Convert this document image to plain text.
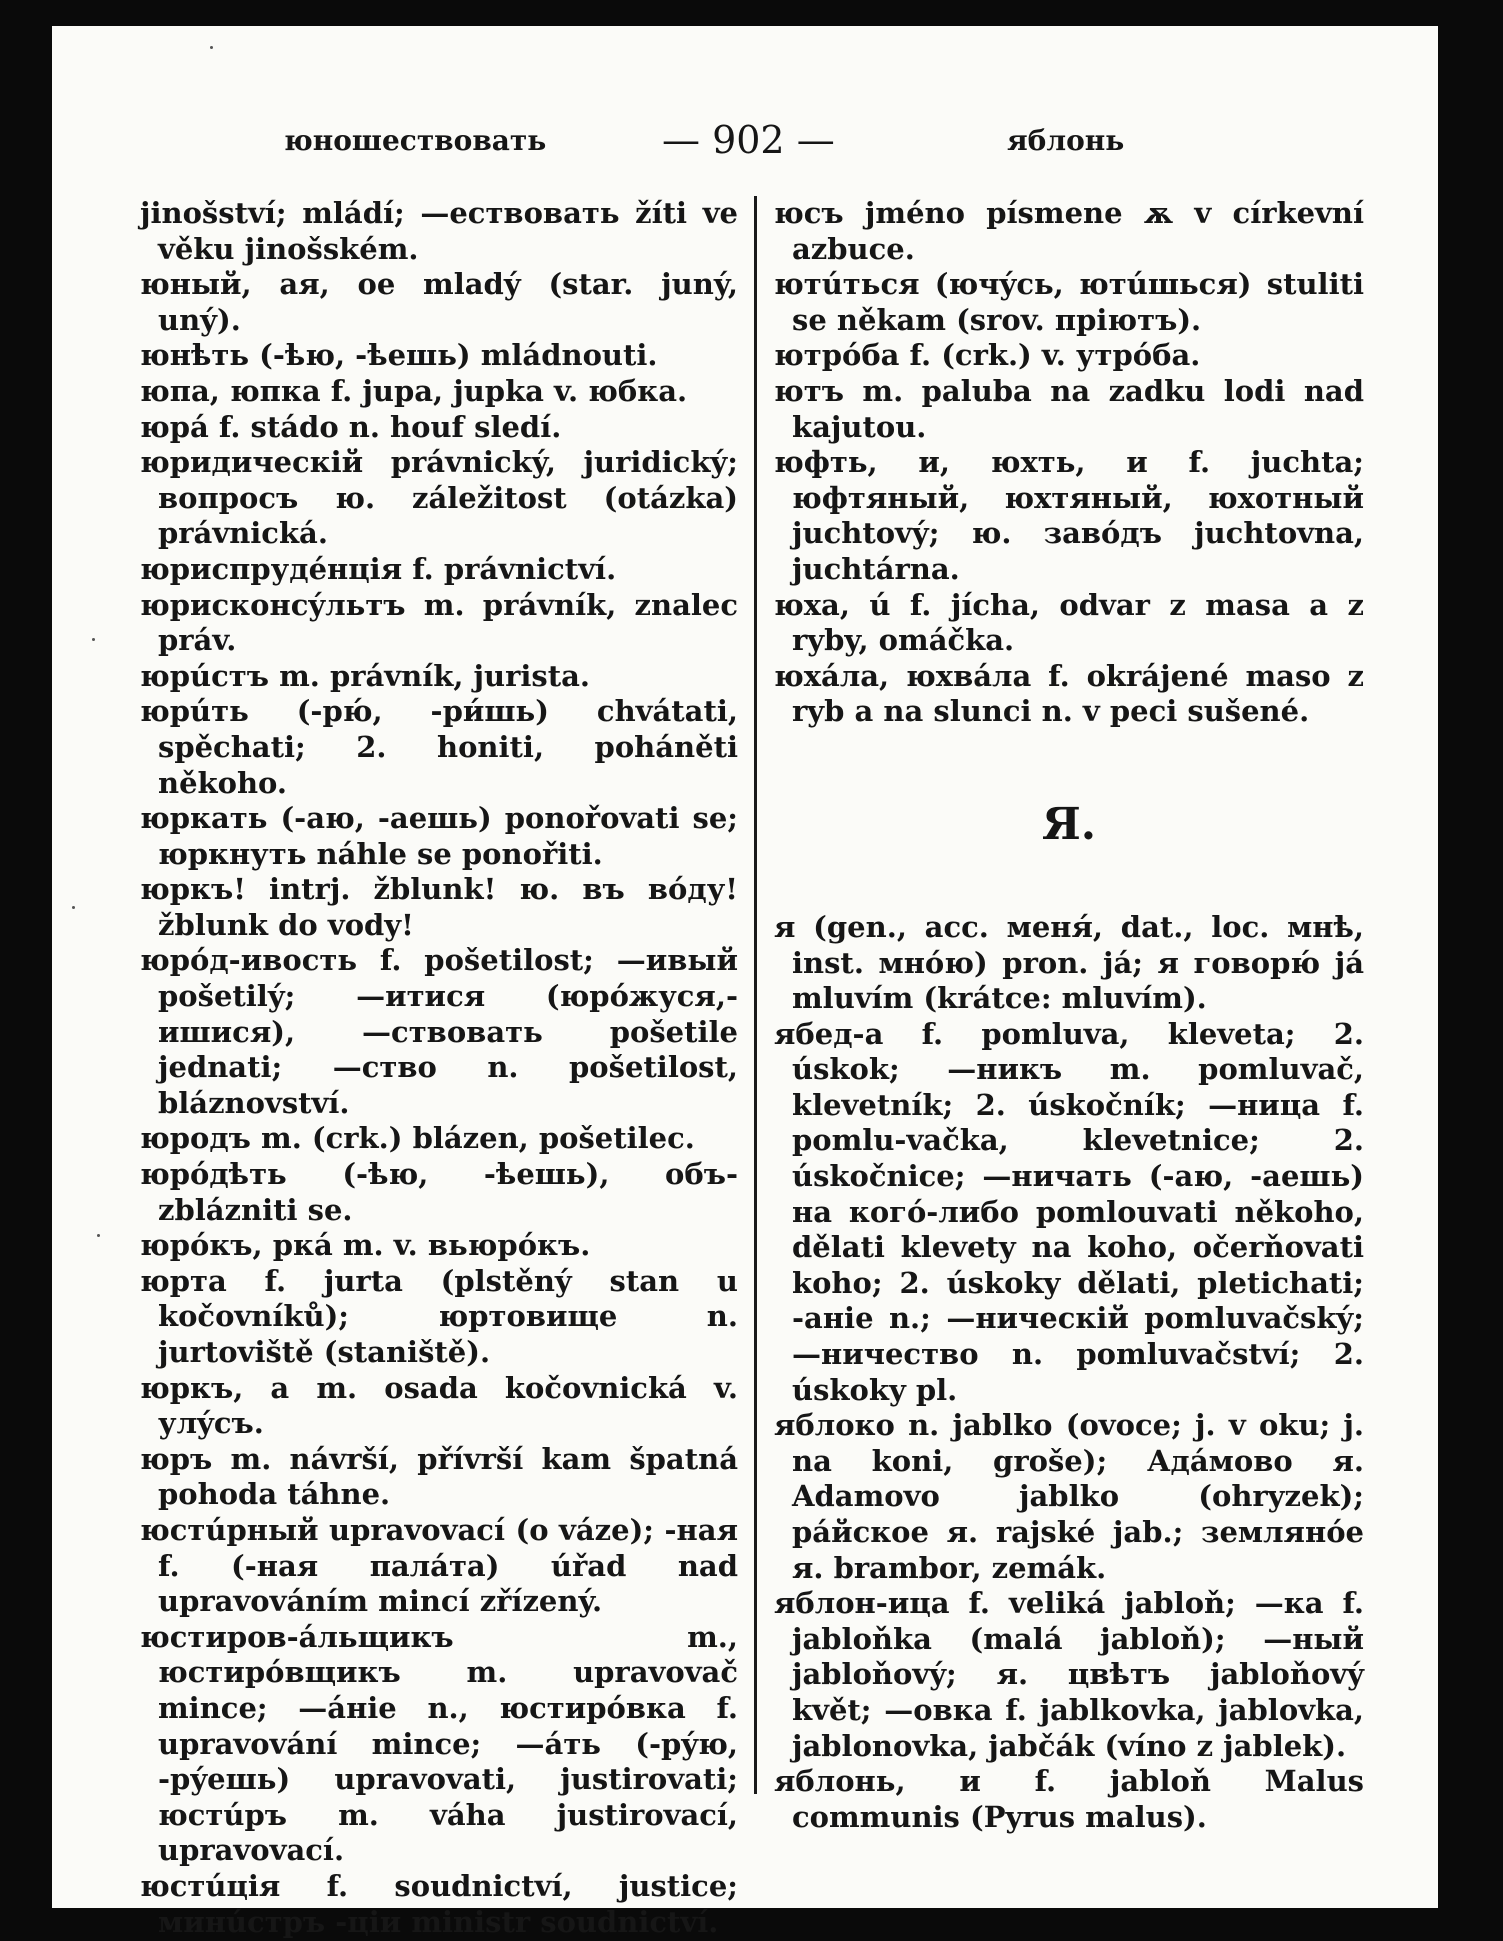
юношествовать	— 902 —	яблонь

jinošství; mládí; —ествовать žíti ve věku jinošském.

юный, ая, ое mladý (star. juný, uný).

юнѣть (-ѣю, -ѣешь) mládnouti.

юпа, юпка f. jupa, jupka v. юбка.

юрá f. stádo n. houf sledí.

юридическій právnický, juridický; вопросъ ю. záležitost (otázka) právnická.

юриспрудéнція f. právnictví.

юрисконсýльтъ m. právník, znalec práv.

юрúстъ m. právník, jurista.

юрúть (-рю́, -ри́шь) chvátati, spěchati; 2. honiti, poháněti někoho.

юркать (-аю, -аешь) ponořovati se; юркнуть náhle se ponořiti.

юркъ! intrj. žblunk! ю. въ вóду! žblunk do vody!

юрóд-ивость f. pošetilost; —ивый pošetilý; —итися (юрóжуся,-ишися), —ствовать pošetile jednati; —ство n. pošetilost, bláznovství.

юродъ m. (crk.) blázen, pošetilec.

юрóдѣть (-ѣю, -ѣешь), объ- zblázniti se.

юрóкъ, рка́ m. v. вьюрóкъ.

юрта f. jurta (plstěný stan u kočovníků); юртовище n. jurtoviště (staniště).

юркъ, а m. osada kočovnická v. улýсъ.

юръ m. návrší, přívrší kam špatná pohoda táhne.

юстúрный upravovací (o váze); -ная f. (-ная палáта) úřad nad upravováním mincí zřízený.

юстиров-áльщикъ m., юстирóвщикъ m. upravovač mince; —áніе n., юстирóвка f. upravování mince; —áть (-рýю, -рýешь) upravovati, justirovati; юстúръ m. váha justirovací, upravovací.

юстúція f. soudnictví, justice; минúстръ -ціи ministr soudnictví.

юсъ jméno písmene ѫ v církevní azbuce.

ютúться (ючýсь, ютúшься) stuliti se někam (srov. пріютъ).

ютрóба f. (crk.) v. утрóба.

ютъ m. paluba na zadku lodi nad kajutou.

юфть, и, юхть, и f. juchta; юфтяный, юхтяный, юхотный juchtový; ю. завóдъ juchtovna, juchtárna.

юха, ú f. jícha, odvar z masa a z ryby, omáčka.

юхáла, юхвáла f. okrájené maso z ryb a na slunci n. v peci sušené.

Я.

я (gen., acc. меня́, dat., loc. мнѣ, inst. мнóю) pron. já; я говорю́ já mluvím (krátce: mluvím).

ябед-а f. pomluva, kleveta; 2. úskok; —никъ m. pomluvač, klevetník; 2. úskočník; —ница f. pomlu-vačka, klevetnice; 2. úskočnice; —ничать (-аю, -аешь) на когó-либо pomlouvati někoho, dělati klevety na koho, očerňovati koho; 2. úskoky dělati, pletichati; -аніе n.; —ническій pomluvačský; —ничество n. pomluvačství; 2. úskoky pl.

яблоко n. jablko (ovoce; j. v oku; j. na koni, groše); Адáмово я. Adamovo jablko (ohryzek); рáйское я. rajské jab.; землянóе я. brambor, zemák.

яблон-ица f. veliká jabloň; —ка f. jabloňka (malá jabloň); —ный jabloňový; я. цвѣтъ jabloňový květ; —овка f. jablkovka, jablovka, jablonovka, jabčák (víno z jablek).

яблонь, и f. jabloň Malus communis (Pyrus malus).
